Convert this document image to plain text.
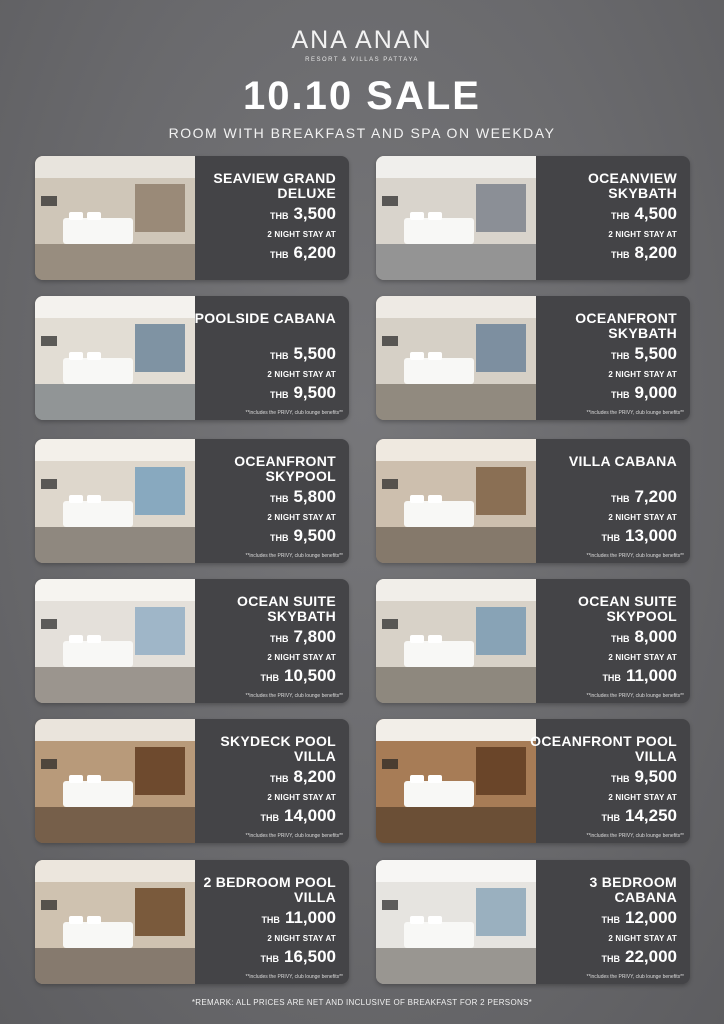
ANA ANAN
RESORT & VILLAS PATTAYA
10.10 SALE
ROOM WITH BREAKFAST AND SPA ON WEEKDAY
SEAVIEW GRAND DELUXE
THB 3,500
2 NIGHT STAY AT
THB 6,200
OCEANVIEW SKYBATH
THB 4,500
2 NIGHT STAY AT
THB 8,200
POOLSIDE CABANA
THB 5,500
2 NIGHT STAY AT
THB 9,500
**includes the PRIVY, club lounge benefits**
OCEANFRONT SKYBATH
THB 5,500
2 NIGHT STAY AT
THB 9,000
**includes the PRIVY, club lounge benefits**
OCEANFRONT SKYPOOL
THB 5,800
2 NIGHT STAY AT
THB 9,500
**includes the PRIVY, club lounge benefits**
VILLA CABANA
THB 7,200
2 NIGHT STAY AT
THB 13,000
**includes the PRIVY, club lounge benefits**
OCEAN SUITE SKYBATH
THB 7,800
2 NIGHT STAY AT
THB 10,500
**includes the PRIVY, club lounge benefits**
OCEAN SUITE SKYPOOL
THB 8,000
2 NIGHT STAY AT
THB 11,000
**includes the PRIVY, club lounge benefits**
SKYDECK POOL VILLA
THB 8,200
2 NIGHT STAY AT
THB 14,000
**includes the PRIVY, club lounge benefits**
OCEANFRONT POOL VILLA
THB 9,500
2 NIGHT STAY AT
THB 14,250
**includes the PRIVY, club lounge benefits**
2 BEDROOM POOL VILLA
THB 11,000
2 NIGHT STAY AT
THB 16,500
**includes the PRIVY, club lounge benefits**
3 BEDROOM CABANA
THB 12,000
2 NIGHT STAY AT
THB 22,000
**includes the PRIVY, club lounge benefits**
*REMARK: ALL PRICES ARE NET AND INCLUSIVE OF BREAKFAST FOR 2 PERSONS*
